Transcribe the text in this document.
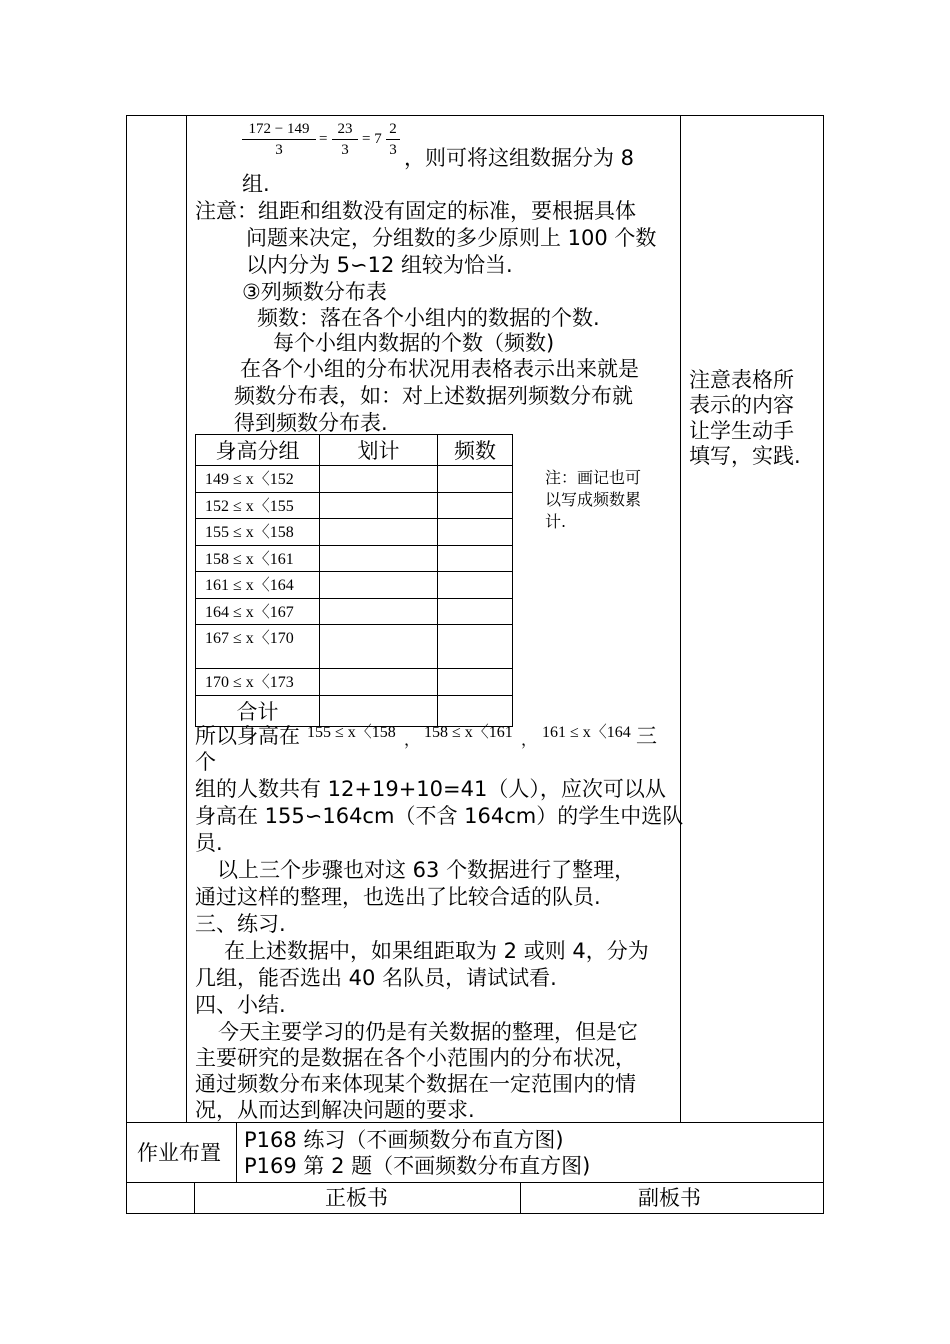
172 − 149
3
=
23
3
= 7
2
3 ，则可将这组数据分为 8
组.
注意：组距和组数没有固定的标准，要根据具体
问题来决定，分组数的多少原则上 100 个数
以内分为 5∽12 组较为恰当.
③列频数分布表
频数：落在各个小组内的数据的个数.
每个小组内数据的个数（频数)
在各个小组的分布状况用表格表示出来就是
频数分布表，如：对上述数据列频数分布就
得到频数分布表.
身高分组	划计	频数
149 ≤ x〈152		
152 ≤ x〈155		
155 ≤ x〈158		
158 ≤ x〈161		
161 ≤ x〈164		
164 ≤ x〈167		
167 ≤ x〈170		
170 ≤ x〈173		
合计		
注：画记也可
以写成频数累
计.
注意表格所
表示的内容
让学生动手
填写，实践.
所以身高在 155 ≤ x〈158 ， 158 ≤ x〈161 ， 161 ≤ x〈164 三
个
组的人数共有 12+19+10=41（人），应次可以从
身高在 155∽164cm（不含 164cm）的学生中选队
员.
以上三个步骤也对这 63 个数据进行了整理，
通过这样的整理，也选出了比较合适的队员.
三、练习.
在上述数据中，如果组距取为 2 或则 4，分为
几组，能否选出 40 名队员，请试试看.
四、小结.
今天主要学习的仍是有关数据的整理，但是它
主要研究的是数据在各个小范围内的分布状况，
通过频数分布来体现某个数据在一定范围内的情
况，从而达到解决问题的要求.
作业布置
P168 练习（不画频数分布直方图)
P169 第 2 题（不画频数分布直方图)
正板书	副板书
